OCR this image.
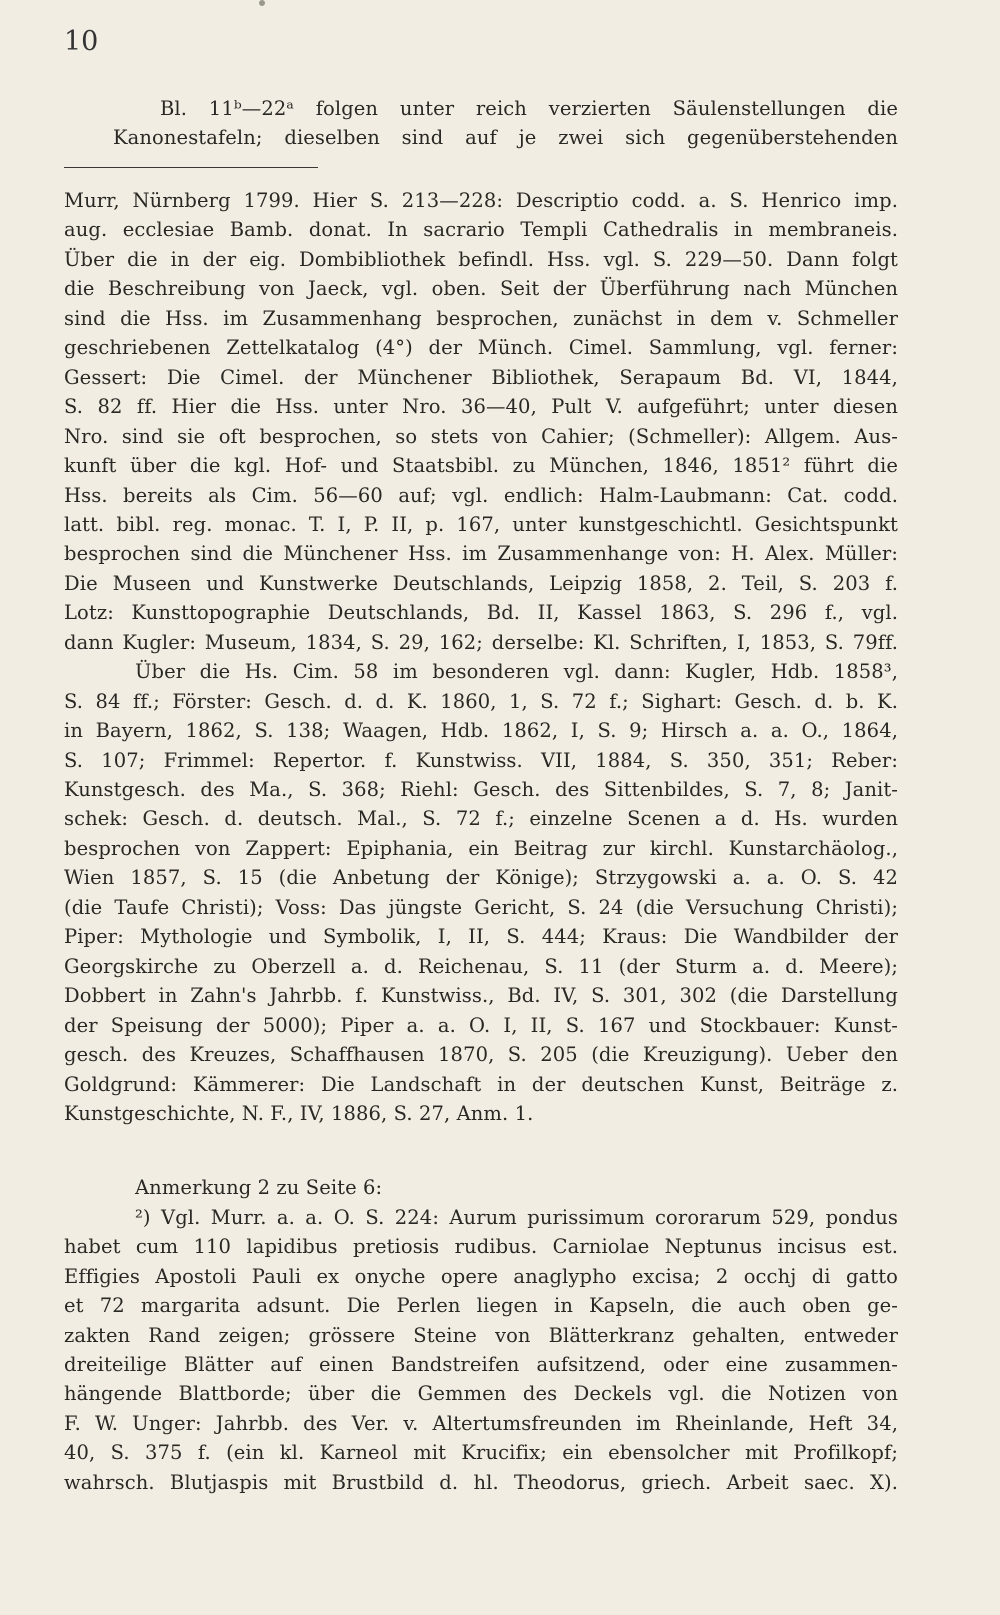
10
Bl. 11ᵇ—22ᵃ folgen unter reich verzierten Säulenstellungen die
Kanonestafeln; dieselben sind auf je zwei sich gegenüberstehenden
Murr, Nürnberg 1799. Hier S. 213—228: Descriptio codd. a. S. Henrico imp.
aug. ecclesiae Bamb. donat. In sacrario Templi Cathedralis in membraneis.
Über die in der eig. Dombibliothek befindl. Hss. vgl. S. 229—50. Dann folgt
die Beschreibung von Jaeck, vgl. oben. Seit der Überführung nach München
sind die Hss. im Zusammenhang besprochen, zunächst in dem v. Schmeller
geschriebenen Zettelkatalog (4°) der Münch. Cimel. Sammlung, vgl. ferner:
Gessert: Die Cimel. der Münchener Bibliothek, Serapaum Bd. VI, 1844,
S. 82 ff. Hier die Hss. unter Nro. 36—40, Pult V. aufgeführt; unter diesen
Nro. sind sie oft besprochen, so stets von Cahier; (Schmeller): Allgem. Aus-
kunft über die kgl. Hof- und Staatsbibl. zu München, 1846, 1851² führt die
Hss. bereits als Cim. 56—60 auf; vgl. endlich: Halm-Laubmann: Cat. codd.
latt. bibl. reg. monac. T. I, P. II, p. 167, unter kunstgeschichtl. Gesichtspunkt
besprochen sind die Münchener Hss. im Zusammenhange von: H. Alex. Müller:
Die Museen und Kunstwerke Deutschlands, Leipzig 1858, 2. Teil, S. 203 f.
Lotz: Kunsttopographie Deutschlands, Bd. II, Kassel 1863, S. 296 f., vgl.
dann Kugler: Museum, 1834, S. 29, 162; derselbe: Kl. Schriften, I, 1853, S. 79ff.
Über die Hs. Cim. 58 im besonderen vgl. dann: Kugler, Hdb. 1858³,
S. 84 ff.; Förster: Gesch. d. d. K. 1860, 1, S. 72 f.; Sighart: Gesch. d. b. K.
in Bayern, 1862, S. 138; Waagen, Hdb. 1862, I, S. 9; Hirsch a. a. O., 1864,
S. 107; Frimmel: Repertor. f. Kunstwiss. VII, 1884, S. 350, 351; Reber:
Kunstgesch. des Ma., S. 368; Riehl: Gesch. des Sittenbildes, S. 7, 8; Janit-
schek: Gesch. d. deutsch. Mal., S. 72 f.; einzelne Scenen a d. Hs. wurden
besprochen von Zappert: Epiphania, ein Beitrag zur kirchl. Kunstarchäolog.,
Wien 1857, S. 15 (die Anbetung der Könige); Strzygowski a. a. O. S. 42
(die Taufe Christi); Voss: Das jüngste Gericht, S. 24 (die Versuchung Christi);
Piper: Mythologie und Symbolik, I, II, S. 444; Kraus: Die Wandbilder der
Georgskirche zu Oberzell a. d. Reichenau, S. 11 (der Sturm a. d. Meere);
Dobbert in Zahn's Jahrbb. f. Kunstwiss., Bd. IV, S. 301, 302 (die Darstellung
der Speisung der 5000); Piper a. a. O. I, II, S. 167 und Stockbauer: Kunst-
gesch. des Kreuzes, Schaffhausen 1870, S. 205 (die Kreuzigung). Ueber den
Goldgrund: Kämmerer: Die Landschaft in der deutschen Kunst, Beiträge z.
Kunstgeschichte, N. F., IV, 1886, S. 27, Anm. 1.
Anmerkung 2 zu Seite 6:
²) Vgl. Murr. a. a. O. S. 224: Aurum purissimum cororarum 529, pondus
habet cum 110 lapidibus pretiosis rudibus. Carniolae Neptunus incisus est.
Effigies Apostoli Pauli ex onyche opere anaglypho excisa; 2 occhj di gatto
et 72 margarita adsunt. Die Perlen liegen in Kapseln, die auch oben ge-
zakten Rand zeigen; grössere Steine von Blätterkranz gehalten, entweder
dreiteilige Blätter auf einen Bandstreifen aufsitzend, oder eine zusammen-
hängende Blattborde; über die Gemmen des Deckels vgl. die Notizen von
F. W. Unger: Jahrbb. des Ver. v. Altertumsfreunden im Rheinlande, Heft 34,
40, S. 375 f. (ein kl. Karneol mit Krucifix; ein ebensolcher mit Profilkopf;
wahrsch. Blutjaspis mit Brustbild d. hl. Theodorus, griech. Arbeit saec. X).
